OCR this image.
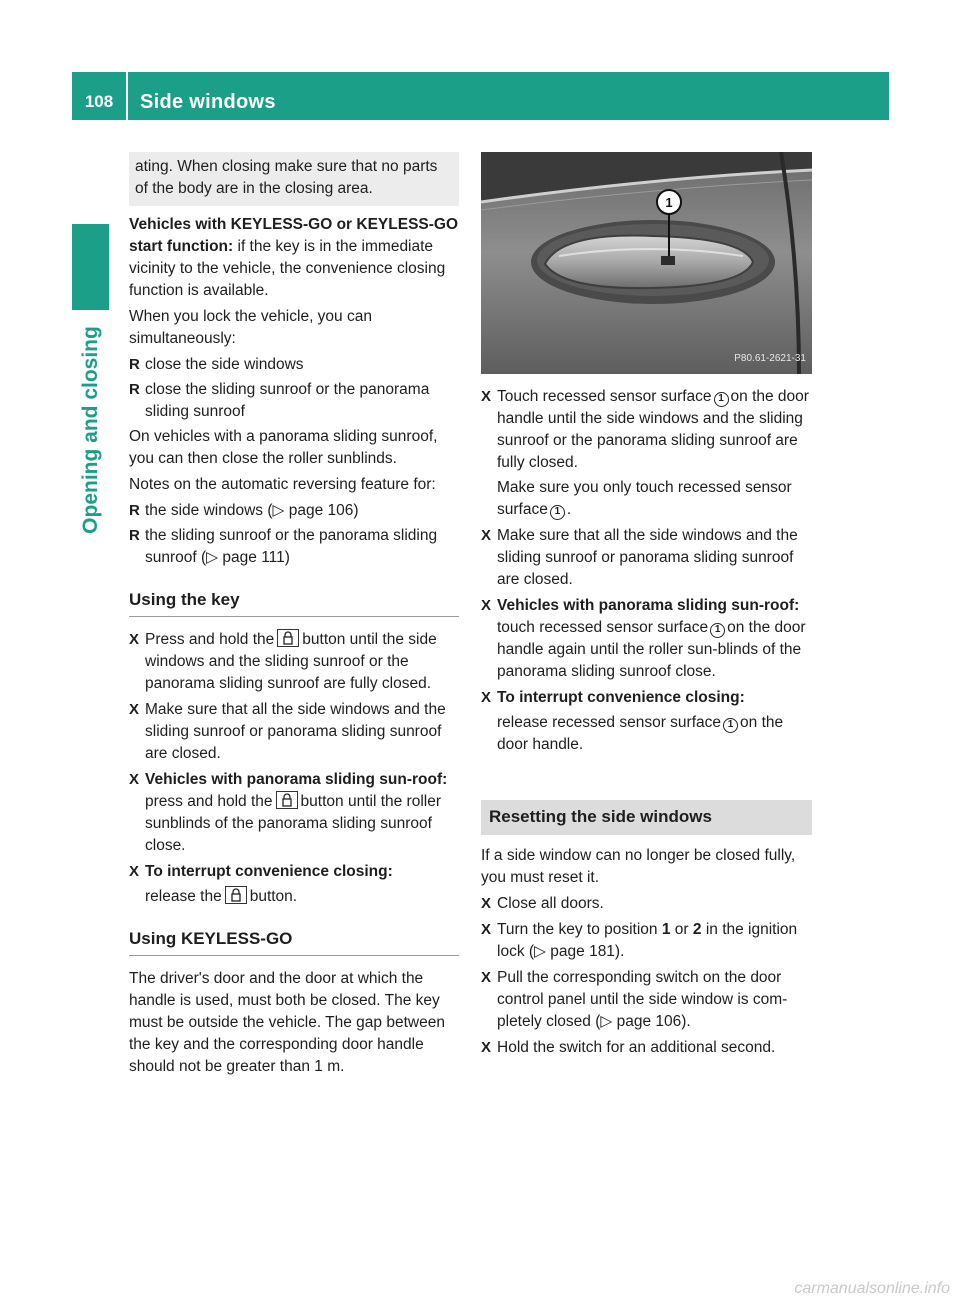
108	Side windows
Opening and closing
ating. When closing make sure that no parts of the body are in the closing area.
Vehicles with KEYLESS-GO or KEYLESS-GO start function: if the key is in the immediate vicinity to the vehicle, the convenience closing function is available.
When you lock the vehicle, you can simultaneously:
R close the side windows
R close the sliding sunroof or the panorama sliding sunroof
On vehicles with a panorama sliding sunroof, you can then close the roller sunblinds.
Notes on the automatic reversing feature for:
R the side windows (▷ page 106)
R the sliding sunroof or the panorama sliding sunroof (▷ page 111)
Using the key
X Press and hold the button until the side windows and the sliding sunroof or the panorama sliding sunroof are fully closed.
X Make sure that all the side windows and the sliding sunroof or panorama sliding sunroof are closed.
X Vehicles with panorama sliding sun-roof: press and hold the button until the roller sunblinds of the panorama sliding sunroof close.
X To interrupt convenience closing:
release the button.
Using KEYLESS-GO
The driver's door and the door at which the handle is used, must both be closed. The key must be outside the vehicle. The gap between the key and the corresponding door handle should not be greater than 1 m.
1
P80.61-2621-31
X Touch recessed sensor surface 1 on the door handle until the side windows and the sliding sunroof or the panorama sliding sunroof are fully closed.
Make sure you only touch recessed sensor surface 1 .
X Make sure that all the side windows and the sliding sunroof or panorama sliding sunroof are closed.
X Vehicles with panorama sliding sun-roof: touch recessed sensor surface 1 on the door handle again until the roller sun-blinds of the panorama sliding sunroof close.
X To interrupt convenience closing:
release recessed sensor surface 1 on the door handle.
Resetting the side windows
If a side window can no longer be closed fully, you must reset it.
X Close all doors.
X Turn the key to position 1 or 2 in the ignition lock (▷ page 181).
X Pull the corresponding switch on the door control panel until the side window is com-pletely closed (▷ page 106).
X Hold the switch for an additional second.
carmanualsonline.info
